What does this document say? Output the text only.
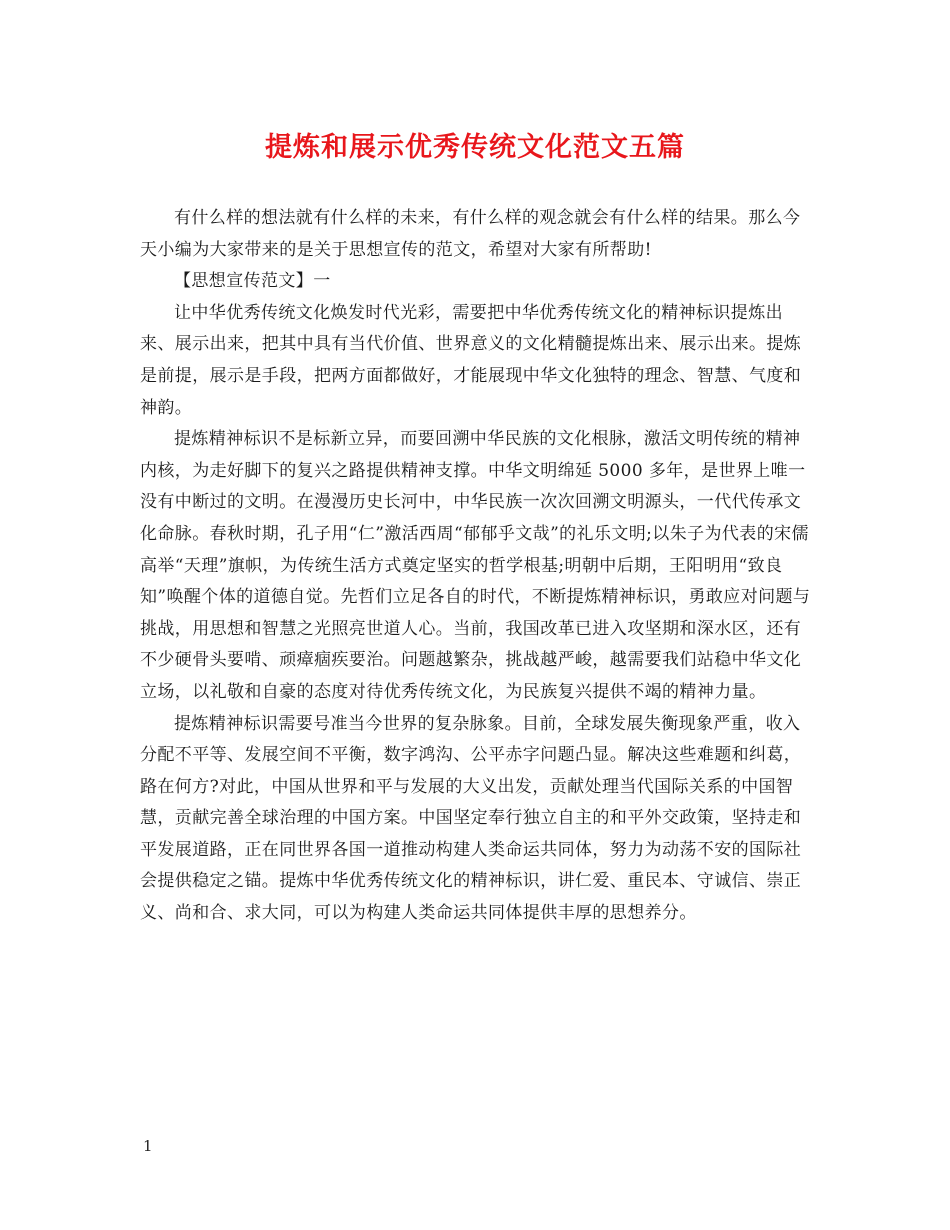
提炼和展示优秀传统文化范文五篇

有什么样的想法就有什么样的未来，有什么样的观念就会有什么样的结果。那么今天小编为大家带来的是关于思想宣传的范文，希望对大家有所帮助!

【思想宣传范文】一

让中华优秀传统文化焕发时代光彩，需要把中华优秀传统文化的精神标识提炼出来、展示出来，把其中具有当代价值、世界意义的文化精髓提炼出来、展示出来。提炼是前提，展示是手段，把两方面都做好，才能展现中华文化独特的理念、智慧、气度和神韵。

提炼精神标识不是标新立异，而要回溯中华民族的文化根脉，激活文明传统的精神内核，为走好脚下的复兴之路提供精神支撑。中华文明绵延 5000 多年，是世界上唯一没有中断过的文明。在漫漫历史长河中，中华民族一次次回溯文明源头，一代代传承文化命脉。春秋时期，孔子用“仁”激活西周“郁郁乎文哉”的礼乐文明;以朱子为代表的宋儒高举“天理”旗帜，为传统生活方式奠定坚实的哲学根基;明朝中后期，王阳明用“致良知”唤醒个体的道德自觉。先哲们立足各自的时代，不断提炼精神标识，勇敢应对问题与挑战，用思想和智慧之光照亮世道人心。当前，我国改革已进入攻坚期和深水区，还有不少硬骨头要啃、顽瘴痼疾要治。问题越繁杂，挑战越严峻，越需要我们站稳中华文化立场，以礼敬和自豪的态度对待优秀传统文化，为民族复兴提供不竭的精神力量。

提炼精神标识需要号准当今世界的复杂脉象。目前，全球发展失衡现象严重，收入分配不平等、发展空间不平衡，数字鸿沟、公平赤字问题凸显。解决这些难题和纠葛，路在何方?对此，中国从世界和平与发展的大义出发，贡献处理当代国际关系的中国智慧，贡献完善全球治理的中国方案。中国坚定奉行独立自主的和平外交政策，坚持走和平发展道路，正在同世界各国一道推动构建人类命运共同体，努力为动荡不安的国际社会提供稳定之锚。提炼中华优秀传统文化的精神标识，讲仁爱、重民本、守诚信、崇正义、尚和合、求大同，可以为构建人类命运共同体提供丰厚的思想养分。

1
